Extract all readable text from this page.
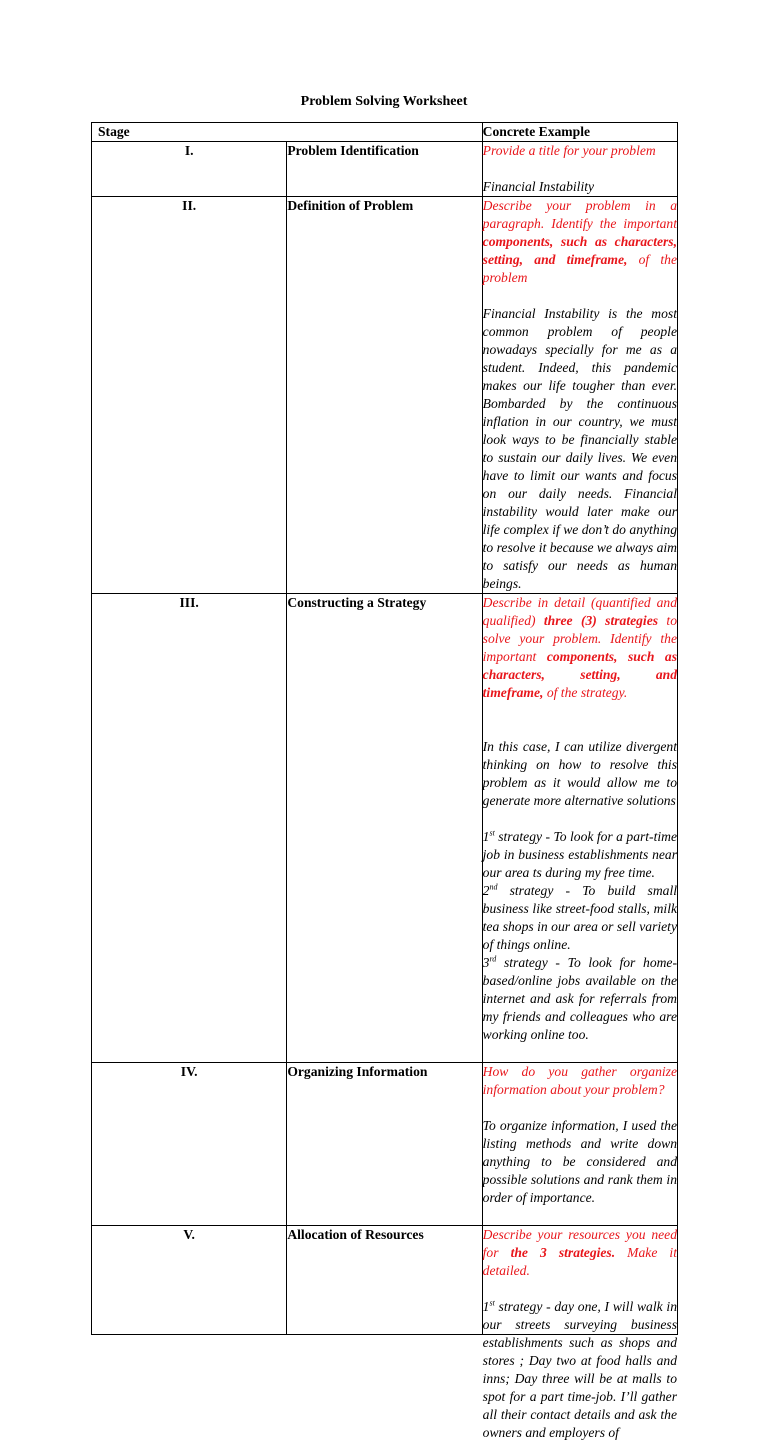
Problem Solving Worksheet
Stage		Concrete Example
I.	Problem Identification	Provide a title for your problem

Financial Instability

II.	Definition of Problem	Describe your problem in a paragraph. Identify the important components, such as characters, setting, and timeframe, of the problem

Financial Instability is the most common problem of people nowadays specially for me as a student. Indeed, this pandemic makes our life tougher than ever. Bombarded by the continuous inflation in our country, we must look ways to be financially stable to sustain our daily lives. We even have to limit our wants and focus on our daily needs. Financial instability would later make our life complex if we don’t do anything to resolve it because we always aim to satisfy our needs as human beings.

III.	Constructing a Strategy	Describe in detail (quantified and qualified) three (3) strategies to solve your problem. Identify the important components, such as characters, setting, and timeframe, of the strategy.

In this case, I can utilize divergent thinking on how to resolve this problem as it would allow me to generate more alternative solutions

1st strategy - To look for a part-time job in business establishments near our area ts during my free time.

2nd strategy - To build small business like street-food stalls, milk tea shops in our area or sell variety of things online.

3rd strategy - To look for home-based/online jobs available on the internet and ask for referrals from my friends and colleagues who are working online too.

IV.	Organizing Information	How do you gather organize information about your problem?

To organize information, I used the listing methods and write down anything to be considered and possible solutions and rank them in order of importance.

V.	Allocation of Resources	Describe your resources you need for the 3 strategies. Make it detailed.

1st strategy - day one, I will walk in our streets surveying business establishments such as shops and stores ; Day two at food halls and inns; Day three will be at malls to spot for a part time-job. I’ll gather all their contact details and ask the owners and employers of
